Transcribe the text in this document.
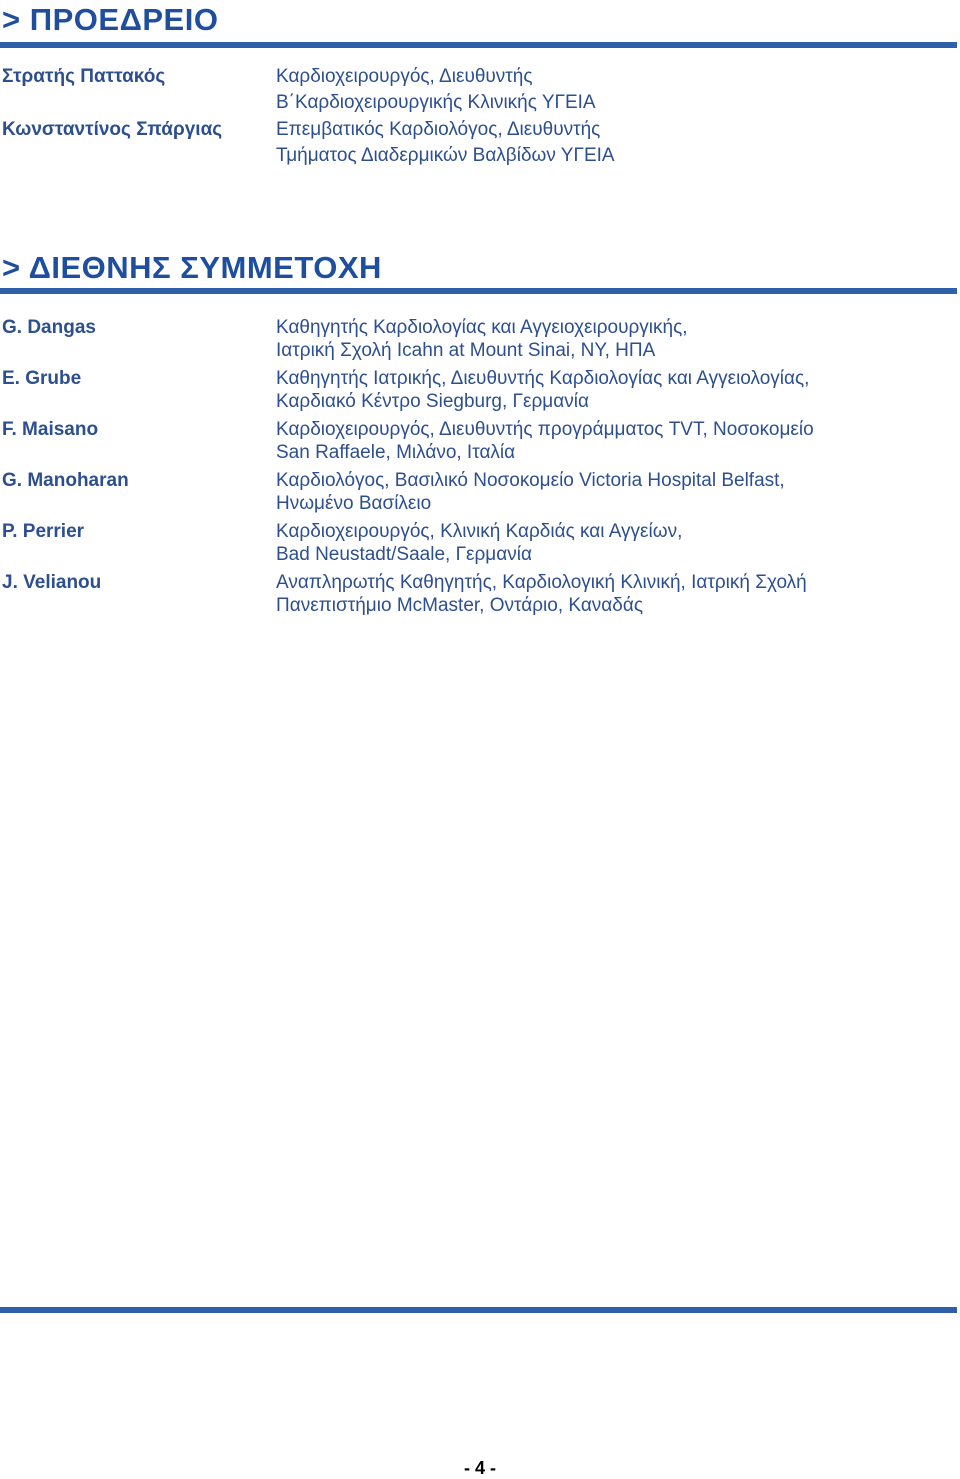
> ΠΡΟΕΔΡΕΙΟ
Στρατής Παττακός	Καρδιοχειρουργός, Διευθυντής
Β΄Καρδιοχειρουργικής Κλινικής ΥΓΕΙΑ
Κωνσταντίνος Σπάργιας	Επεμβατικός Καρδιολόγος, Διευθυντής
Τμήματος Διαδερμικών Βαλβίδων ΥΓΕΙΑ
> ΔΙΕΘΝΗΣ ΣΥΜΜΕΤΟΧΗ
G. Dangas	Καθηγητής Καρδιολογίας και Αγγειοχειρουργικής,
Ιατρική Σχολή Icahn at Mount Sinai, NY, ΗΠΑ
E. Grube	Καθηγητής Ιατρικής, Διευθυντής Καρδιολογίας και Αγγειολογίας,
Καρδιακό Κέντρο Siegburg, Γερμανία
F. Maisano	Καρδιοχειρουργός, Διευθυντής προγράμματος TVT, Νοσοκομείο
San Raffaele, Μιλάνο, Ιταλία
G. Manoharan	Καρδιολόγος, Βασιλικό Νοσοκομείο Victoria Hospital Belfast,
Ηνωμένο Βασίλειο
P. Perrier	Καρδιοχειρουργός, Κλινική Καρδιάς και Αγγείων,
Bad Neustadt/Saale, Γερμανία
J. Velianou	Αναπληρωτής Καθηγητής, Καρδιολογική Κλινική, Ιατρική Σχολή
Πανεπιστήμιο McMaster, Οντάριο, Καναδάς
- 4 -
